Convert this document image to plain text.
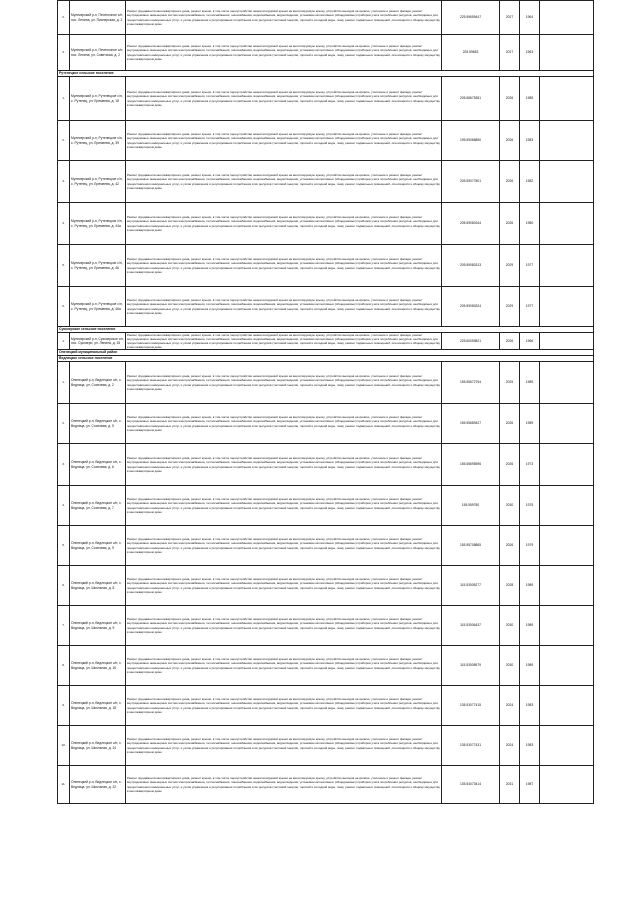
2.	Мулекерский р-н, Печеночное с/п, пос. Ленина, ул. Пионерская, д. 2	Ремонт фундамента многоквартирного дома, ремонт крыши, в том числе переустройство невентилируемой крыши на вентилируемую крышу, устройство выходов на кровлю, утепление и ремонт фасада, ремонт внутридомовых инженерных систем электроснабжения, теплоснабжения, газоснабжения, водоснабжения, водоотведения, установка коллективных (общедомовых) приборов учета потребления ресурсов, необходимых для предоставления коммунальных услуг, и узлов управления и регулирования потребления этих ресурсов (тепловой энергии, горячей и холодной воды, газа), ремонт подвальных помещений, относящихся к общему имуществу в многоквартирном доме	225.59659447	2027	1964	

3.	Мулекерский р-н, Печеночное с/п, пос. Ленина, ул. Советская, д. 2	Ремонт фундамента многоквартирного дома, ремонт крыши, в том числе переустройство невентилируемой крыши на вентилируемую крышу, устройство выходов на кровлю, утепление и ремонт фасада, ремонт внутридомовых инженерных систем электроснабжения, теплоснабжения, газоснабжения, водоснабжения, водоотведения, установка коллективных (общедомовых) приборов учета потребления ресурсов, необходимых для предоставления коммунальных услуг, и узлов управления и регулирования потребления этих ресурсов (тепловой энергии, горячей и холодной воды, газа), ремонт подвальных помещений, относящихся к общему имуществу в многоквартирном доме	225.59653	2027	1963	

Рутенецкое сельское поселение						

1.	Мулекерский р-н, Рутенецкое с/п, с. Рутенец, ул. Еремеева, д. 18	Ремонт фундамента многоквартирного дома, ремонт крыши, в том числе переустройство невентилируемой крыши на вентилируемую крышу, устройство выходов на кровлю, утепление и ремонт фасада, ремонт внутридомовых инженерных систем электроснабжения, теплоснабжения, газоснабжения, водоснабжения, водоотведения, установка коллективных (общедомовых) приборов учета потребления ресурсов, необходимых для предоставления коммунальных услуг, и узлов управления и регулирования потребления этих ресурсов (тепловой энергии, горячей и холодной воды, газа), ремонт подвальных помещений, относящихся к общему имуществу в многоквартирном доме	205.58675381	2026	1985	

2.	Мулекерский р-н, Рутенецкое с/п, с. Рутенец, ул. Еремеева, д. 39	Ремонт фундамента многоквартирного дома, ремонт крыши, в том числе переустройство невентилируемой крыши на вентилируемую крышу, устройство выходов на кровлю, утепление и ремонт фасада, ремонт внутридомовых инженерных систем электроснабжения, теплоснабжения, газоснабжения, водоснабжения, водоотведения, установка коллективных (общедомовых) приборов учета потребления ресурсов, необходимых для предоставления коммунальных услуг, и узлов управления и регулирования потребления этих ресурсов (тепловой энергии, горячей и холодной воды, газа), ремонт подвальных помещений, относящихся к общему имуществу в многоквартирном доме	195.59066850	2026	1983	

3.	Мулекерский р-н, Рутенецкое с/п, с. Рутенец, ул. Еремеева, д. 42	Ремонт фундамента многоквартирного дома, ремонт крыши, в том числе переустройство невентилируемой крыши на вентилируемую крышу, устройство выходов на кровлю, утепление и ремонт фасада, ремонт внутридомовых инженерных систем электроснабжения, теплоснабжения, газоснабжения, водоснабжения, водоотведения, установка коллективных (общедомовых) приборов учета потребления ресурсов, необходимых для предоставления коммунальных услуг, и узлов управления и регулирования потребления этих ресурсов (тепловой энергии, горячей и холодной воды, газа), ремонт подвальных помещений, относящихся к общему имуществу в многоквартирном доме	205.59077801	2026	1982	

4.	Мулекерский р-н, Рутенецкое с/п, с. Рутенец, ул. Еремеева, д. 44а	Ремонт фундамента многоквартирного дома, ремонт крыши, в том числе переустройство невентилируемой крыши на вентилируемую крышу, устройство выходов на кровлю, утепление и ремонт фасада, ремонт внутридомовых инженерных систем электроснабжения, теплоснабжения, газоснабжения, водоснабжения, водоотведения, установка коллективных (общедомовых) приборов учета потребления ресурсов, необходимых для предоставления коммунальных услуг, и узлов управления и регулирования потребления этих ресурсов (тепловой энергии, горячей и холодной воды, газа), ремонт подвальных помещений, относящихся к общему имуществу в многоквартирном доме	205.59080344	2026	1980	

5.	Мулекерский р-н, Рутенецкое с/п, с. Рутенец, ул. Еремеева, д. 46	Ремонт фундамента многоквартирного дома, ремонт крыши, в том числе переустройство невентилируемой крыши на вентилируемую крышу, устройство выходов на кровлю, утепление и ремонт фасада, ремонт внутридомовых инженерных систем электроснабжения, теплоснабжения, газоснабжения, водоснабжения, водоотведения, установка коллективных (общедомовых) приборов учета потребления ресурсов, необходимых для предоставления коммунальных услуг, и узлов управления и регулирования потребления этих ресурсов (тепловой энергии, горячей и холодной воды, газа), ремонт подвальных помещений, относящихся к общему имуществу в многоквартирном доме	205.59080313	2029	1977	

6.	Мулекерский р-н, Рутенецкое с/п, с. Рутенец, ул. Еремеева, д. 46а	Ремонт фундамента многоквартирного дома, ремонт крыши, в том числе переустройство невентилируемой крыши на вентилируемую крышу, устройство выходов на кровлю, утепление и ремонт фасада, ремонт внутридомовых инженерных систем электроснабжения, теплоснабжения, газоснабжения, водоснабжения, водоотведения, установка коллективных (общедомовых) приборов учета потребления ресурсов, необходимых для предоставления коммунальных услуг, и узлов управления и регулирования потребления этих ресурсов (тепловой энергии, горячей и холодной воды, газа), ремонт подвальных помещений, относящихся к общему имуществу в многоквартирном доме	205.59080324	2029	1977	

Сукозерское сельское поселение						

1.	Мулекерский р-н, Сукозерское с/п, пос. Сукозеро, ул. Ленина, д. 15	Ремонт фундамента многоквартирного дома, ремонт крыши, в том числе переустройство невентилируемой крыши на вентилируемую крышу, устройство выходов на кровлю, утепление и ремонт фасада, ремонт внутридомовых инженерных систем электроснабжения, теплоснабжения, газоснабжения, водоснабжения, водоотведения, установка коллективных (общедомовых) приборов учета потребления ресурсов, необходимых для предоставления коммунальных услуг, и узлов управления и регулирования потребления этих ресурсов (тепловой энергии, горячей и холодной воды, газа), ремонт подвальных помещений, относящихся к общему имуществу в многоквартирном доме	225.60059821	2026	1966	

Опенецкий муниципальный район						
Ведлецкое сельское поселение						

1.	Опенецкий р-н, Ведлецкое с/п, с. Ведлица, ул. Сосновая, д. 2	Ремонт фундамента многоквартирного дома, ремонт крыши, в том числе переустройство невентилируемой крыши на вентилируемую крышу, устройство выходов на кровлю, утепление и ремонт фасада, ремонт внутридомовых инженерных систем электроснабжения, теплоснабжения, газоснабжения, водоснабжения, водоотведения, установка коллективных (общедомовых) приборов учета потребления ресурсов, необходимых для предоставления коммунальных услуг, и узлов управления и регулирования потребления этих ресурсов (тепловой энергии, горячей и холодной воды, газа), ремонт подвальных помещений, относящихся к общему имуществу в многоквартирном доме	155.55672754	2025	1985	

2.	Опенецкий р-н, Ведлецкое с/п, с. Ведлица, ул. Сосновая, д. 5	Ремонт фундамента многоквартирного дома, ремонт крыши, в том числе переустройство невентилируемой крыши на вентилируемую крышу, устройство выходов на кровлю, утепление и ремонт фасада, ремонт внутридомовых инженерных систем электроснабжения, теплоснабжения, газоснабжения, водоснабжения, водоотведения, установка коллективных (общедомовых) приборов учета потребления ресурсов, необходимых для предоставления коммунальных услуг, и узлов управления и регулирования потребления этих ресурсов (тепловой энергии, горячей и холодной воды, газа), ремонт подвальных помещений, относящихся к общему имуществу в многоквартирном доме	155.55689427	2026	1989	

3.	Опенецкий р-н, Ведлецкое с/п, с. Ведлица, ул. Сосновая, д. 6	Ремонт фундамента многоквартирного дома, ремонт крыши, в том числе переустройство невентилируемой крыши на вентилируемую крышу, устройство выходов на кровлю, утепление и ремонт фасада, ремонт внутридомовых инженерных систем электроснабжения, теплоснабжения, газоснабжения, водоснабжения, водоотведения, установка коллективных (общедомовых) приборов учета потребления ресурсов, необходимых для предоставления коммунальных услуг, и узлов управления и регулирования потребления этих ресурсов (тепловой энергии, горячей и холодной воды, газа), ремонт подвальных помещений, относящихся к общему имуществу в многоквартирном доме	155.55695596	2026	1973	

4.	Опенецкий р-н, Ведлецкое с/п, с. Ведлица, ул. Сосновая, д. 7	Ремонт фундамента многоквартирного дома, ремонт крыши, в том числе переустройство невентилируемой крыши на вентилируемую крышу, устройство выходов на кровлю, утепление и ремонт фасада, ремонт внутридомовых инженерных систем электроснабжения, теплоснабжения, газоснабжения, водоснабжения, водоотведения, установка коллективных (общедомовых) приборов учета потребления ресурсов, необходимых для предоставления коммунальных услуг, и узлов управления и регулирования потребления этих ресурсов (тепловой энергии, горячей и холодной воды, газа), ремонт подвальных помещений, относящихся к общему имуществу в многоквартирном доме	155.559780	2030	1975	

5.	Опенецкий р-н, Ведлецкое с/п, с. Ведлица, ул. Сосновая, д. 9	Ремонт фундамента многоквартирного дома, ремонт крыши, в том числе переустройство невентилируемой крыши на вентилируемую крышу, устройство выходов на кровлю, утепление и ремонт фасада, ремонт внутридомовых инженерных систем электроснабжения, теплоснабжения, газоснабжения, водоснабжения, водоотведения, установка коллективных (общедомовых) приборов учета потребления ресурсов, необходимых для предоставления коммунальных услуг, и узлов управления и регулирования потребления этих ресурсов (тепловой энергии, горячей и холодной воды, газа), ремонт подвальных помещений, относящихся к общему имуществу в многоквартирном доме	155.55708865	2026	1979	

6.	Опенецкий р-н, Ведлецкое с/п, с. Ведлица, ул. Школьная, д. 8	Ремонт фундамента многоквартирного дома, ремонт крыши, в том числе переустройство невентилируемой крыши на вентилируемую крышу, устройство выходов на кровлю, утепление и ремонт фасада, ремонт внутридомовых инженерных систем электроснабжения, теплоснабжения, газоснабжения, водоснабжения, водоотведения, установка коллективных (общедомовых) приборов учета потребления ресурсов, необходимых для предоставления коммунальных услуг, и узлов управления и регулирования потребления этих ресурсов (тепловой энергии, горячей и холодной воды, газа), ремонт подвальных помещений, относящихся к общему имуществу в многоквартирном доме	115.53006277	2028	1989	

7.	Опенецкий р-н, Ведлецкое с/п, с. Ведлица, ул. Школьная, д. 9	Ремонт фундамента многоквартирного дома, ремонт крыши, в том числе переустройство невентилируемой крыши на вентилируемую крышу, устройство выходов на кровлю, утепление и ремонт фасада, ремонт внутридомовых инженерных систем электроснабжения, теплоснабжения, газоснабжения, водоснабжения, водоотведения, установка коллективных (общедомовых) приборов учета потребления ресурсов, необходимых для предоставления коммунальных услуг, и узлов управления и регулирования потребления этих ресурсов (тепловой энергии, горячей и холодной воды, газа), ремонт подвальных помещений, относящихся к общему имуществу в многоквартирном доме	115.53006437	2030	1989	

8.	Опенецкий р-н, Ведлецкое с/п, с. Ведлица, ул. Школьная, д. 16	Ремонт фундамента многоквартирного дома, ремонт крыши, в том числе переустройство невентилируемой крыши на вентилируемую крышу, устройство выходов на кровлю, утепление и ремонт фасада, ремонт внутридомовых инженерных систем электроснабжения, теплоснабжения, газоснабжения, водоснабжения, водоотведения, установка коллективных (общедомовых) приборов учета потребления ресурсов, необходимых для предоставления коммунальных услуг, и узлов управления и регулирования потребления этих ресурсов (тепловой энергии, горячей и холодной воды, газа), ремонт подвальных помещений, относящихся к общему имуществу в многоквартирном доме	115.53008979	2030	1989	

9.	Опенецкий р-н, Ведлецкое с/п, с. Ведлица, ул. Школьная, д. 18	Ремонт фундамента многоквартирного дома, ремонт крыши, в том числе переустройство невентилируемой крыши на вентилируемую крышу, устройство выходов на кровлю, утепление и ремонт фасада, ремонт внутридомовых инженерных систем электроснабжения, теплоснабжения, газоснабжения, водоснабжения, водоотведения, установка коллективных (общедомовых) приборов учета потребления ресурсов, необходимых для предоставления коммунальных услуг, и узлов управления и регулирования потребления этих ресурсов (тепловой энергии, горячей и холодной воды, газа), ремонт подвальных помещений, относящихся к общему имуществу в многоквартирном доме	135.53077415	2024	1983	

10.	Опенецкий р-н, Ведлецкое с/п, с. Ведлица, ул. Школьная, д. 24	Ремонт фундамента многоквартирного дома, ремонт крыши, в том числе переустройство невентилируемой крыши на вентилируемую крышу, устройство выходов на кровлю, утепление и ремонт фасада, ремонт внутридомовых инженерных систем электроснабжения, теплоснабжения, газоснабжения, водоснабжения, водоотведения, установка коллективных (общедомовых) приборов учета потребления ресурсов, необходимых для предоставления коммунальных услуг, и узлов управления и регулирования потребления этих ресурсов (тепловой энергии, горячей и холодной воды, газа), ремонт подвальных помещений, относящихся к общему имуществу в многоквартирном доме	135.53077431	2024	1983	

11.	Опенецкий р-н, Ведлецкое с/п, с. Ведлица, ул. Школьная, д. 22	Ремонт фундамента многоквартирного дома, ремонт крыши, в том числе переустройство невентилируемой крыши на вентилируемую крышу, устройство выходов на кровлю, утепление и ремонт фасада, ремонт внутридомовых инженерных систем электроснабжения, теплоснабжения, газоснабжения, водоснабжения, водоотведения, установка коллективных (общедомовых) приборов учета потребления ресурсов, необходимых для предоставления коммунальных услуг, и узлов управления и регулирования потребления этих ресурсов (тепловой энергии, горячей и холодной воды, газа), ремонт подвальных помещений, относящихся к общему имуществу в многоквартирном доме	135.54073414	2031	1987	
